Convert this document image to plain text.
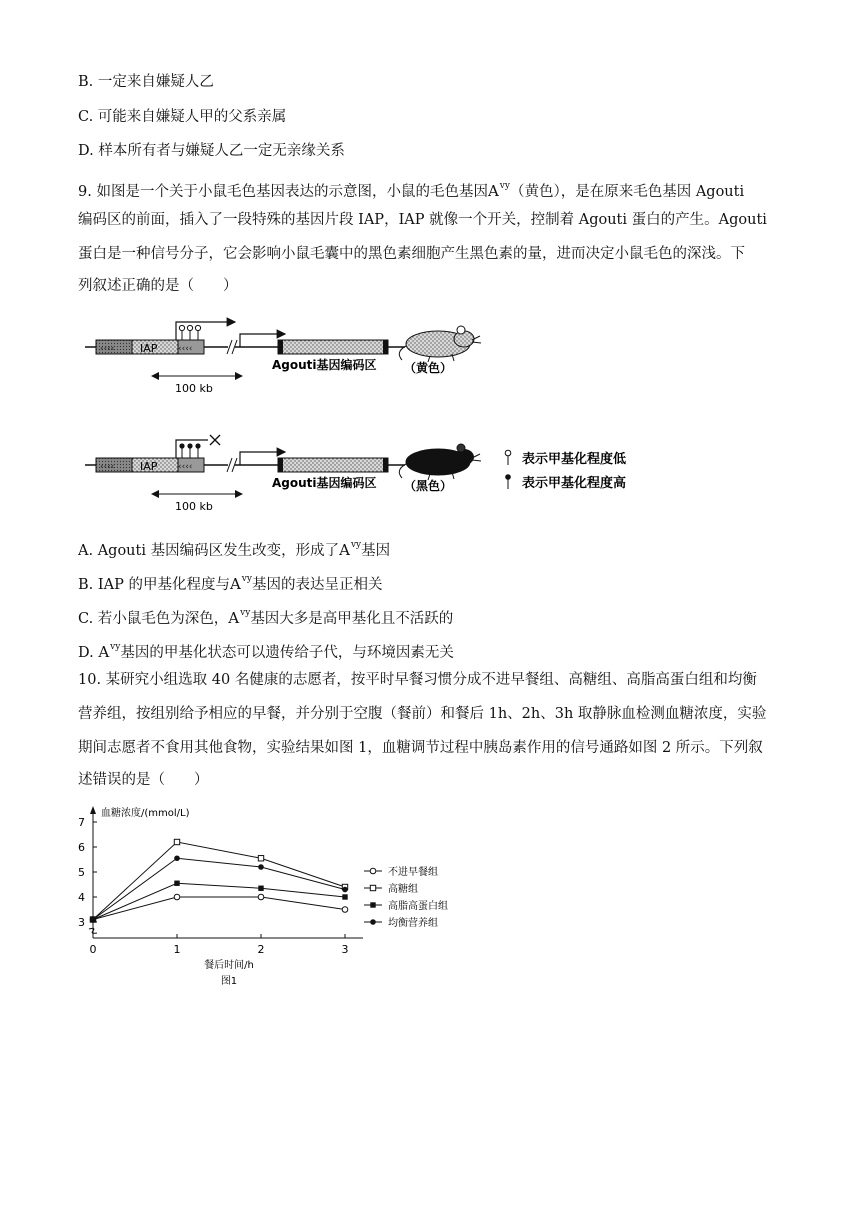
B. 一定来自嫌疑人乙
C. 可能来自嫌疑人甲的父系亲属
D. 样本所有者与嫌疑人乙一定无亲缘关系
9. 如图是一个关于小鼠毛色基因表达的示意图，小鼠的毛色基因$A^{vy}$（黄色），是在原来毛色基因 Agouti
编码区的前面，插入了一段特殊的基因片段 IAP，IAP 就像一个开关，控制着 Agouti 蛋白的产生。Agouti
蛋白是一种信号分子，它会影响小鼠毛囊中的黑色素细胞产生黑色素的量，进而决定小鼠毛色的深浅。下
列叙述正确的是（　　）
‹‹‹‹ IAP ‹‹‹‹
Agouti基因编码区
100 kb
（黄色）
‹‹‹‹ IAP ‹‹‹‹
Agouti基因编码区
100 kb
（黑色）
表示甲基化程度低
表示甲基化程度高
A. Agouti 基因编码区发生改变，形成了$A^{vy}$基因
B. IAP 的甲基化程度与$A^{vy}$基因的表达呈正相关
C. 若小鼠毛色为深色，$A^{vy}$基因大多是高甲基化且不活跃的
D. $A^{vy}$基因的甲基化状态可以遗传给子代，与环境因素无关
10. 某研究小组选取 40 名健康的志愿者，按平时早餐习惯分成不进早餐组、高糖组、高脂高蛋白组和均衡
营养组，按组别给予相应的早餐，并分别于空腹（餐前）和餐后 1h、2h、3h 取静脉血检测血糖浓度，实验
期间志愿者不食用其他食物，实验结果如图 1，血糖调节过程中胰岛素作用的信号通路如图 2 所示。下列叙
述错误的是（　　）
3
4
5
6
7
0	1	2	3
血糖浓度/(mmol/L)
餐后时间/h
图1
不进早餐组
高糖组
高脂高蛋白组
均衡营养组
